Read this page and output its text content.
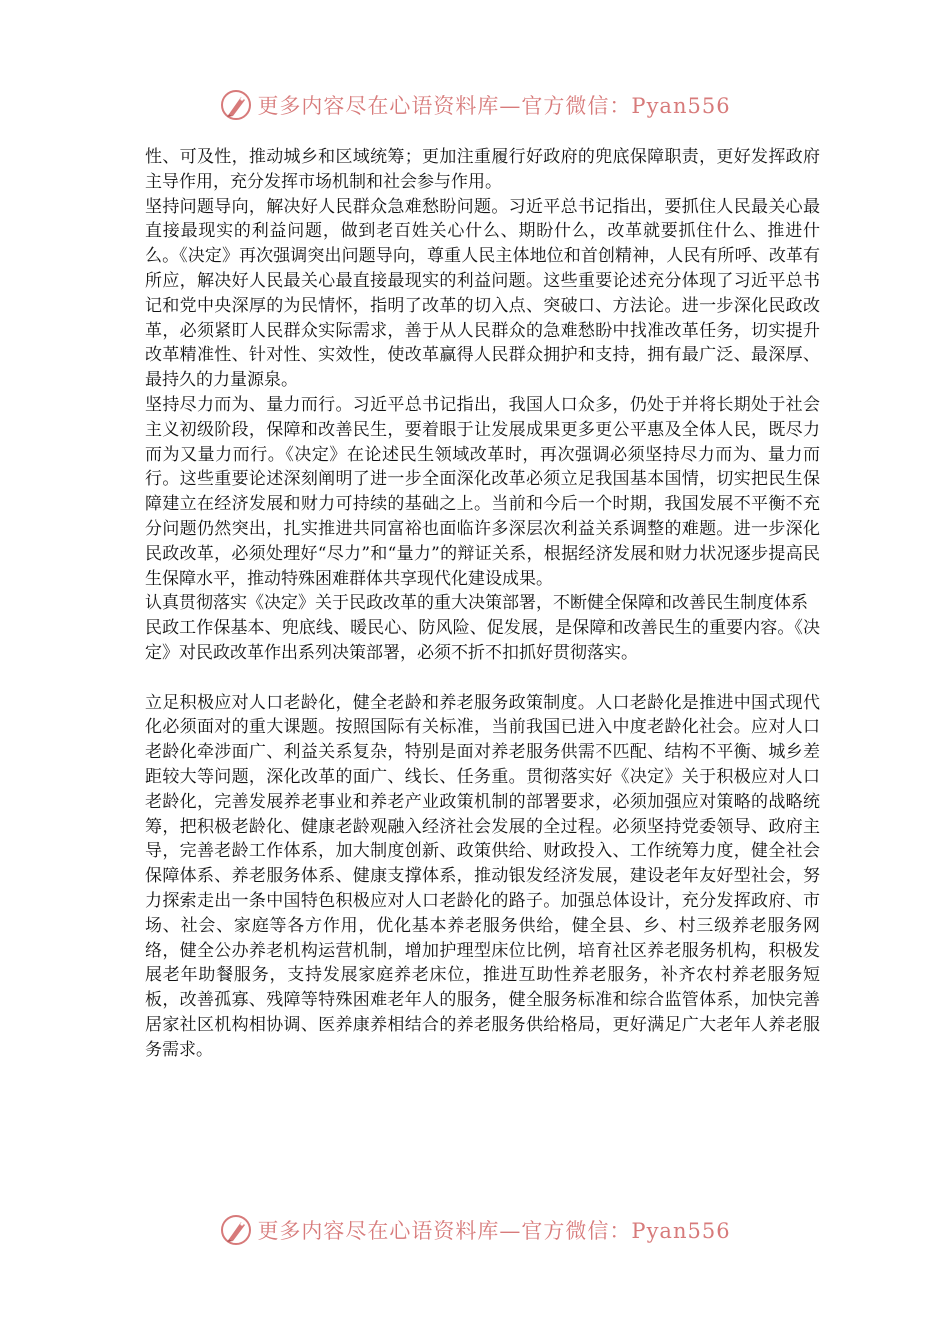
更多内容尽在心语资料库—官方微信：Pyan556

性、可及性，推动城乡和区域统筹；更加注重履行好政府的兜底保障职责，更好发挥政府主导作用，充分发挥市场机制和社会参与作用。

坚持问题导向，解决好人民群众急难愁盼问题。习近平总书记指出，要抓住人民最关心最直接最现实的利益问题，做到老百姓关心什么、期盼什么，改革就要抓住什么、推进什么。《决定》再次强调突出问题导向，尊重人民主体地位和首创精神，人民有所呼、改革有所应，解决好人民最关心最直接最现实的利益问题。这些重要论述充分体现了习近平总书记和党中央深厚的为民情怀，指明了改革的切入点、突破口、方法论。进一步深化民政改革，必须紧盯人民群众实际需求，善于从人民群众的急难愁盼中找准改革任务，切实提升改革精准性、针对性、实效性，使改革赢得人民群众拥护和支持，拥有最广泛、最深厚、最持久的力量源泉。

坚持尽力而为、量力而行。习近平总书记指出，我国人口众多，仍处于并将长期处于社会主义初级阶段，保障和改善民生，要着眼于让发展成果更多更公平惠及全体人民，既尽力而为又量力而行。《决定》在论述民生领域改革时，再次强调必须坚持尽力而为、量力而行。这些重要论述深刻阐明了进一步全面深化改革必须立足我国基本国情，切实把民生保障建立在经济发展和财力可持续的基础之上。当前和今后一个时期，我国发展不平衡不充分问题仍然突出，扎实推进共同富裕也面临许多深层次利益关系调整的难题。进一步深化民政改革，必须处理好“尽力”和“量力”的辩证关系，根据经济发展和财力状况逐步提高民生保障水平，推动特殊困难群体共享现代化建设成果。

认真贯彻落实《决定》关于民政改革的重大决策部署，不断健全保障和改善民生制度体系

民政工作保基本、兜底线、暖民心、防风险、促发展，是保障和改善民生的重要内容。《决定》对民政改革作出系列决策部署，必须不折不扣抓好贯彻落实。

立足积极应对人口老龄化，健全老龄和养老服务政策制度。人口老龄化是推进中国式现代化必须面对的重大课题。按照国际有关标准，当前我国已进入中度老龄化社会。应对人口老龄化牵涉面广、利益关系复杂，特别是面对养老服务供需不匹配、结构不平衡、城乡差距较大等问题，深化改革的面广、线长、任务重。贯彻落实好《决定》关于积极应对人口老龄化，完善发展养老事业和养老产业政策机制的部署要求，必须加强应对策略的战略统筹，把积极老龄化、健康老龄观融入经济社会发展的全过程。必须坚持党委领导、政府主导，完善老龄工作体系，加大制度创新、政策供给、财政投入、工作统筹力度，健全社会保障体系、养老服务体系、健康支撑体系，推动银发经济发展，建设老年友好型社会，努力探索走出一条中国特色积极应对人口老龄化的路子。加强总体设计，充分发挥政府、市场、社会、家庭等各方作用，优化基本养老服务供给，健全县、乡、村三级养老服务网络，健全公办养老机构运营机制，增加护理型床位比例，培育社区养老服务机构，积极发展老年助餐服务，支持发展家庭养老床位，推进互助性养老服务，补齐农村养老服务短板，改善孤寡、残障等特殊困难老年人的服务，健全服务标准和综合监管体系，加快完善居家社区机构相协调、医养康养相结合的养老服务供给格局，更好满足广大老年人养老服务需求。

更多内容尽在心语资料库—官方微信：Pyan556
